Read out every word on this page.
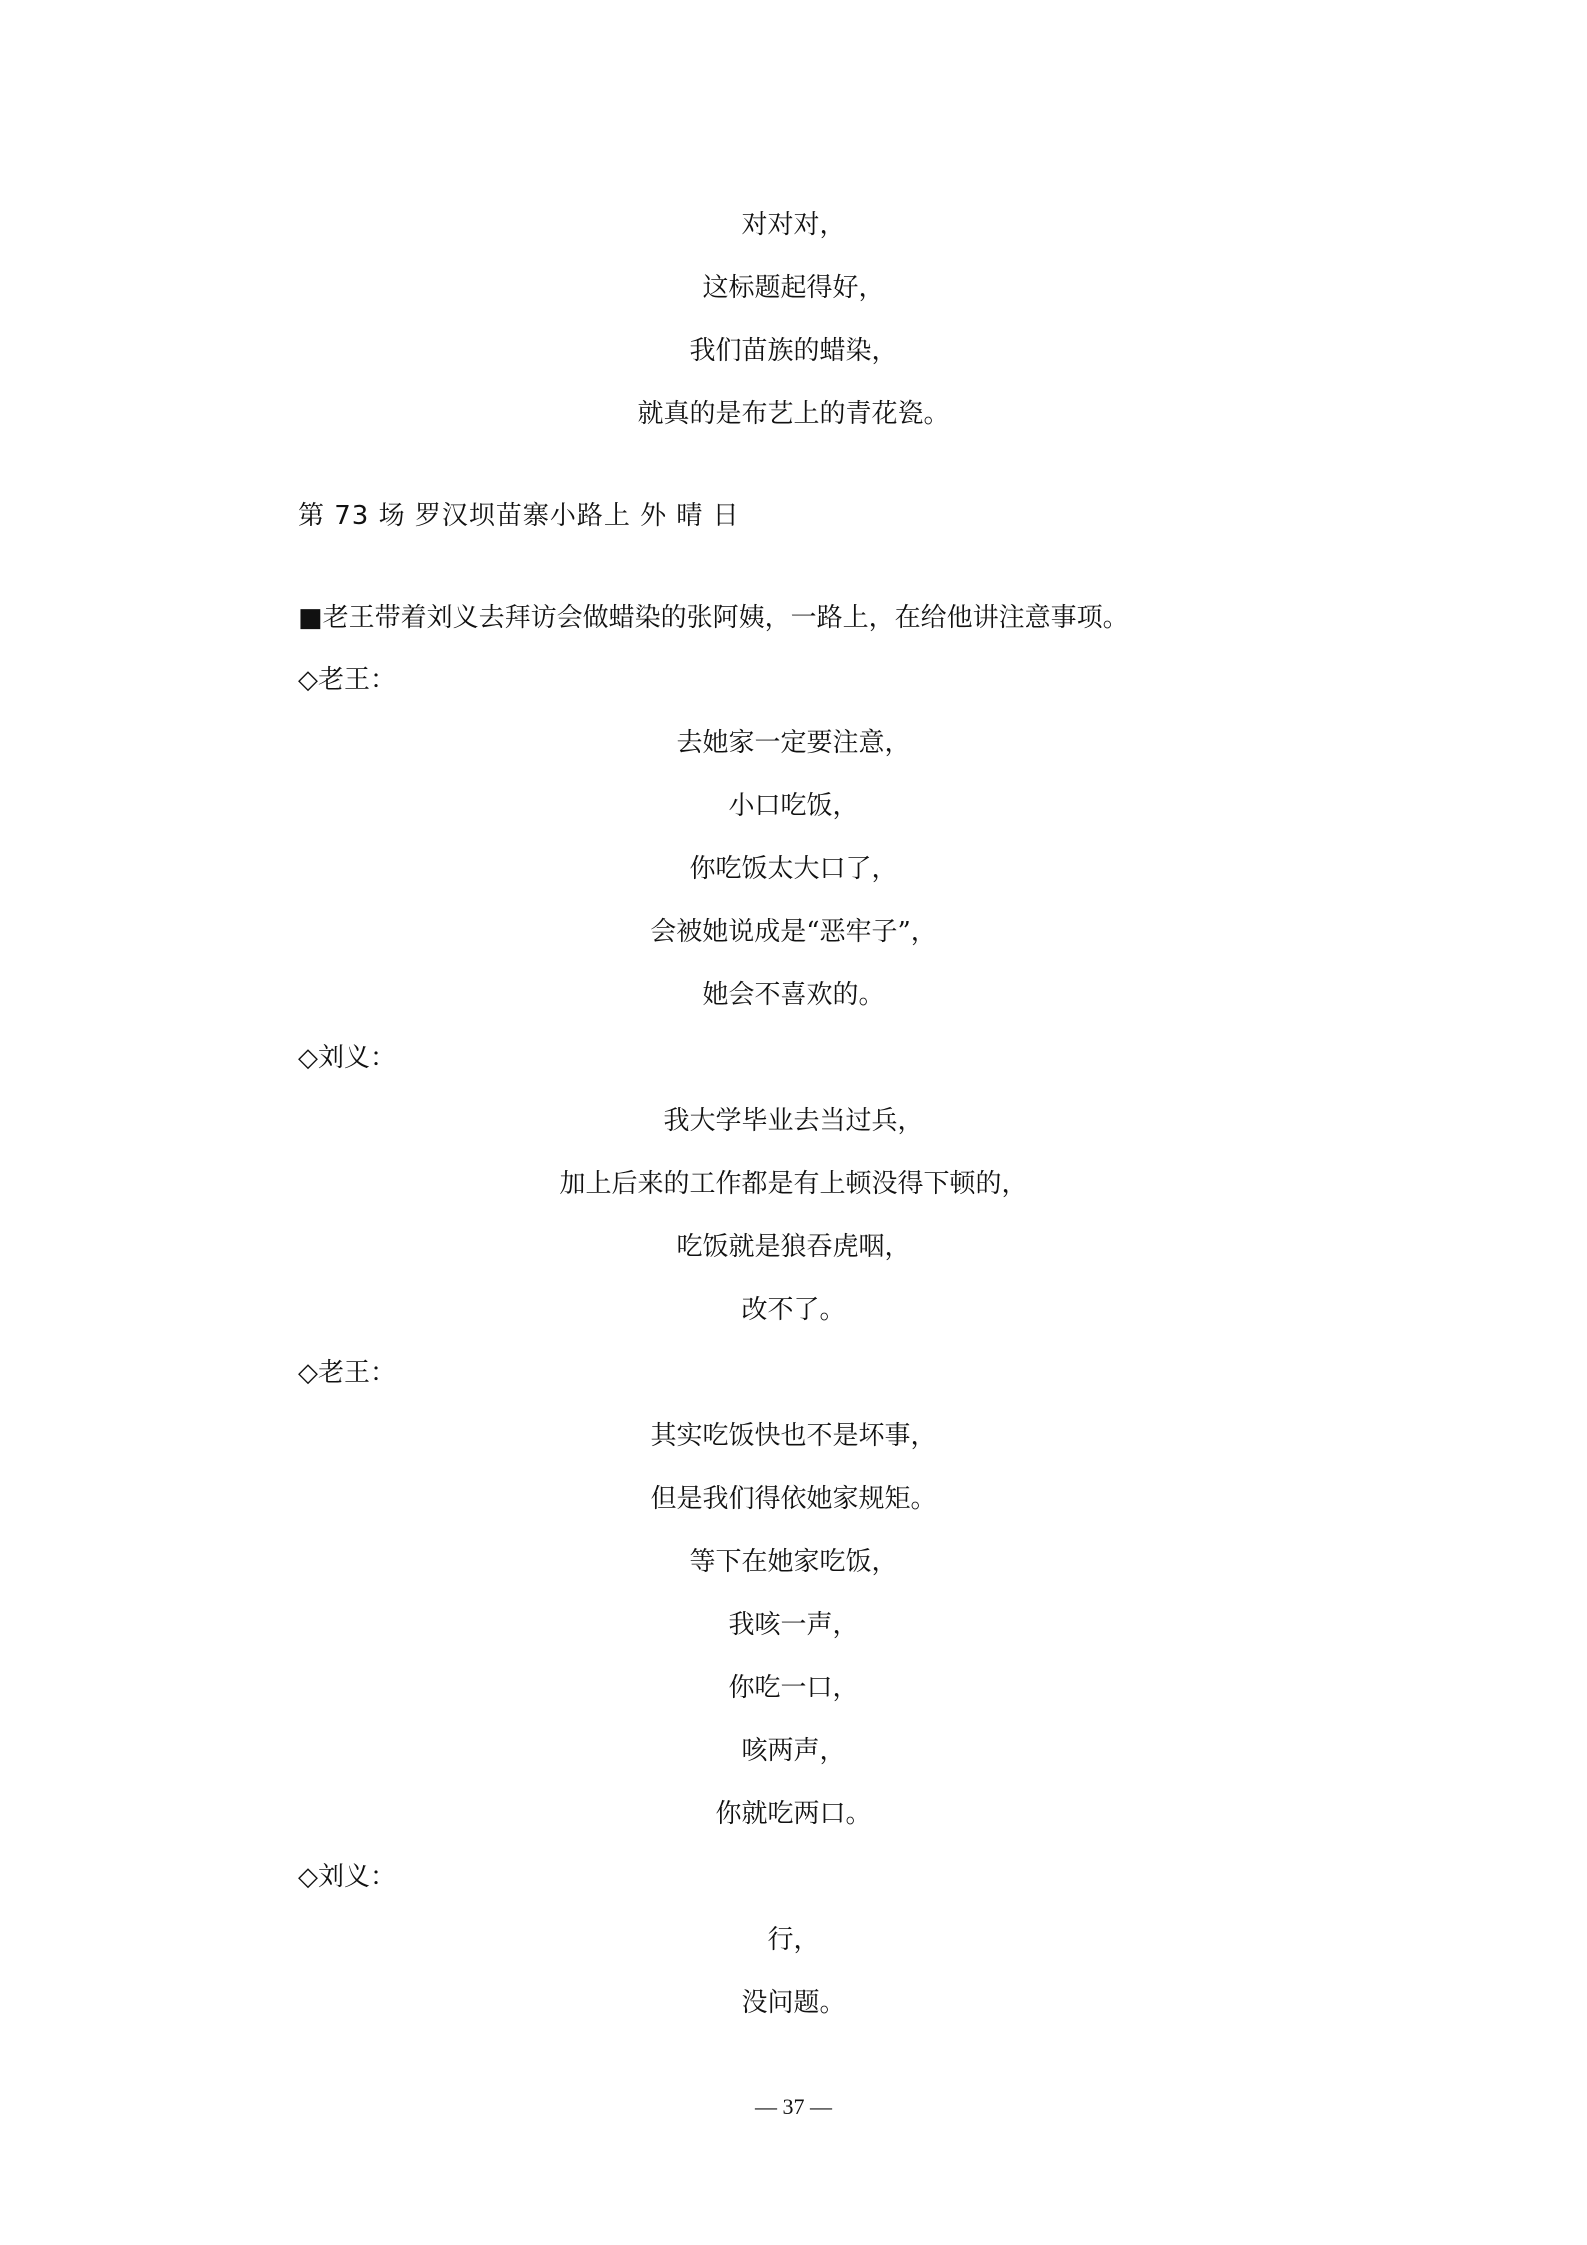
对对对，
这标题起得好，
我们苗族的蜡染，
就真的是布艺上的青花瓷。
第 73 场 罗汉坝苗寨小路上 外 晴 日
■老王带着刘义去拜访会做蜡染的张阿姨，一路上，在给他讲注意事项。
◇老王：
去她家一定要注意，
小口吃饭，
你吃饭太大口了，
会被她说成是“恶牢子”，
她会不喜欢的。
◇刘义：
我大学毕业去当过兵，
加上后来的工作都是有上顿没得下顿的，
吃饭就是狼吞虎咽，
改不了。
◇老王：
其实吃饭快也不是坏事，
但是我们得依她家规矩。
等下在她家吃饭，
我咳一声，
你吃一口，
咳两声，
你就吃两口。
◇刘义：
行，
没问题。
— 37 —
